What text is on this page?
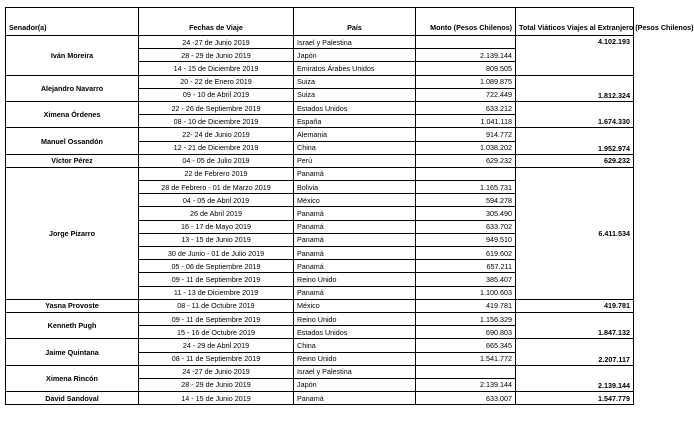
Senador(a)	Fechas de Viaje	País	Monto (Pesos Chilenos)	Total Viáticos Viajes al Extranjero (Pesos Chilenos)
Iván Moreira	24 -27 de Junio 2019	Israel y Palestina		4.102.193
	28 - 29 de Junio 2019	Japón	2.139.144	
	14 - 15 de Diciembre 2019	Emiratos Árabes Unidos	809.505	
Alejandro Navarro	20 - 22 de Enero 2019	Suiza	1.089.875	1.812.324
	09 - 10 de Abril 2019	Suiza	722.449	
Ximena Órdenes	22 - 26 de Septiembre 2019	Estados Unidos	633.212	1.674.330
	08 - 10 de Diciembre 2019	España	1.041.118	
Manuel Ossandón	22- 24 de Junio 2019	Alemania	914.772	1.952.974
	12 - 21 de Diciembre 2019	China	1.038.202	
Víctor Pérez	04 - 05 de Julio 2019	Perú	629.232	629.232
Jorge Pizarro	22 de Febrero 2019	Panamá		6.411.534
	28 de Febrero - 01 de Marzo 2019	Bolivia	1.165.731	
	04 - 05 de Abril 2019	México	594.278	
	26 de Abril 2019	Panamá	305.490	
	16 - 17 de Mayo 2019	Panamá	633.702	
	13 - 15 de Junio 2019	Panamá	949.510	
	30 de Junio - 01 de Julio 2019	Panamá	619.602	
	05 - 06 de Septiembre 2019	Panamá	657.211	
	09 - 11 de Septiembre 2019	Reino Unido	385.407	
	11 - 13 de Diciembre 2019	Panamá	1.100.603	
Yasna Provoste	08 - 11 de Octubre 2019	México	419.781	419.781
Kenneth Pugh	09 - 11 de Septiembre 2019	Reino Unido	1.156.329	1.847.132
	15 - 16 de Octubre 2019	Estados Unidos	690.803	
Jaime Quintana	24 - 29 de Abril 2019	China	665.345	2.207.117
	08 - 11 de Septiembre 2019	Reino Unido	1.541.772	
Ximena Rincón	24 -27 de Junio 2019	Israel y Palestina		2.139.144
	28 - 29 de Junio 2019	Japón	2.139.144	
David Sandoval	14 - 15 de Junio 2019	Panamá	633.007	1.547.779
